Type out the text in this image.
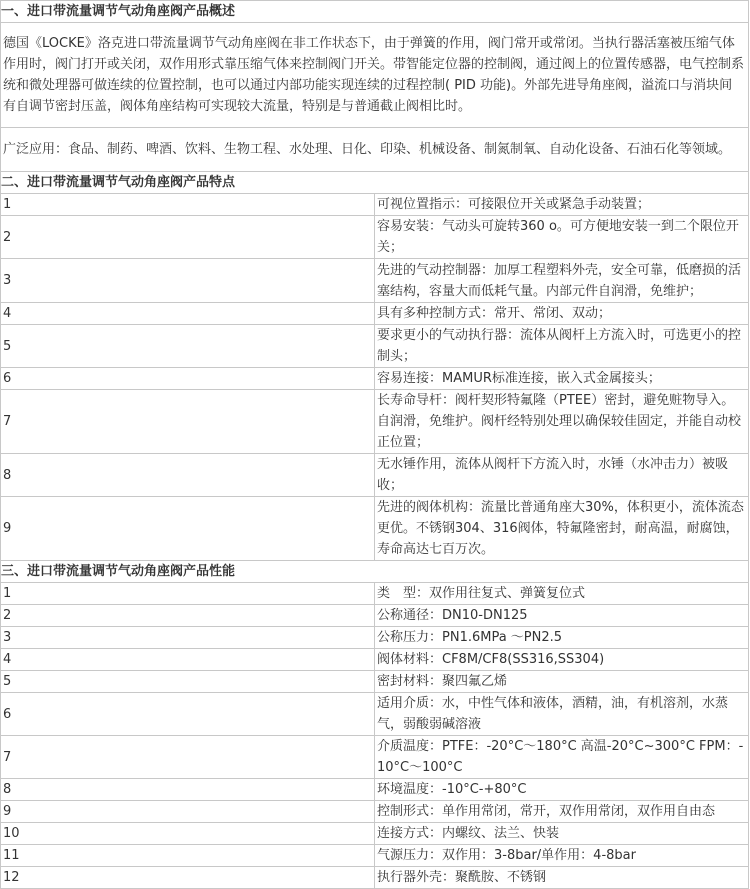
一、进口带流量调节气动角座阀产品概述	
德国《LOCKE》洛克进口带流量调节气动角座阀在非工作状态下，由于弹簧的作用，阀门常开或常闭。当执行器活塞被压缩气体作用时，阀门打开或关闭，双作用形式靠压缩气体来控制阀门开关。带智能定位器的控制阀，通过阀上的位置传感器，电气控制系统和微处理器可做连续的位置控制，也可以通过内部功能实现连续的过程控制( PID 功能)。外部先进导角座阀，溢流口与消块间有自调节密封压盖，阀体角座结构可实现较大流量，特别是与普通截止阀相比时。	
广泛应用：食品、制药、啤酒、饮料、生物工程、水处理、日化、印染、机械设备、制氮制氧、自动化设备、石油石化等领域。	
二、进口带流量调节气动角座阀产品特点	
1	可视位置指示：可接限位开关或紧急手动装置；
2	容易安装：气动头可旋转360 o。可方便地安装一到二个限位开关；
3	先进的气动控制器：加厚工程塑料外壳，安全可靠，低磨损的活塞结构，容量大而低耗气量。内部元件自润滑，免维护；
4	具有多种控制方式：常开、常闭、双动；
5	要求更小的气动执行器：流体从阀杆上方流入时，可选更小的控制头；
6	容易连接：MAMUR标准连接，嵌入式金属接头；
7	长寿命导杆：阀杆契形特氟隆（PTEE）密封，避免赃物导入。自润滑，免维护。阀杆经特别处理以确保较佳固定，并能自动校正位置；
8	无水锤作用，流体从阀杆下方流入时，水锤（水冲击力）被吸收；
9	先进的阀体机构：流量比普通角座大30%，体积更小，流体流态更优。不锈钢304、316阀体，特氟隆密封，耐高温，耐腐蚀，寿命高达七百万次。
三、进口带流量调节气动角座阀产品性能	
1	类　型：双作用往复式、弹簧复位式
2	公称通径：DN10-DN125
3	公称压力：PN1.6MPa ～PN2.5
4	阀体材料：CF8M/CF8(SS316,SS304)
5	密封材料：聚四氟乙烯
6	适用介质：水，中性气体和液体，酒精，油，有机溶剂，水蒸气，弱酸弱碱溶液
7	介质温度：PTFE：-20°C～180°C 高温-20°C~300°C FPM：-10°C～100°C
8	环境温度：-10°C-+80°C
9	控制形式：单作用常闭，常开，双作用常闭，双作用自由态
10	连接方式：内螺纹、法兰、快装
11	气源压力：双作用：3-8bar/单作用：4-8bar
12	执行器外壳：聚酰胺、不锈钢
